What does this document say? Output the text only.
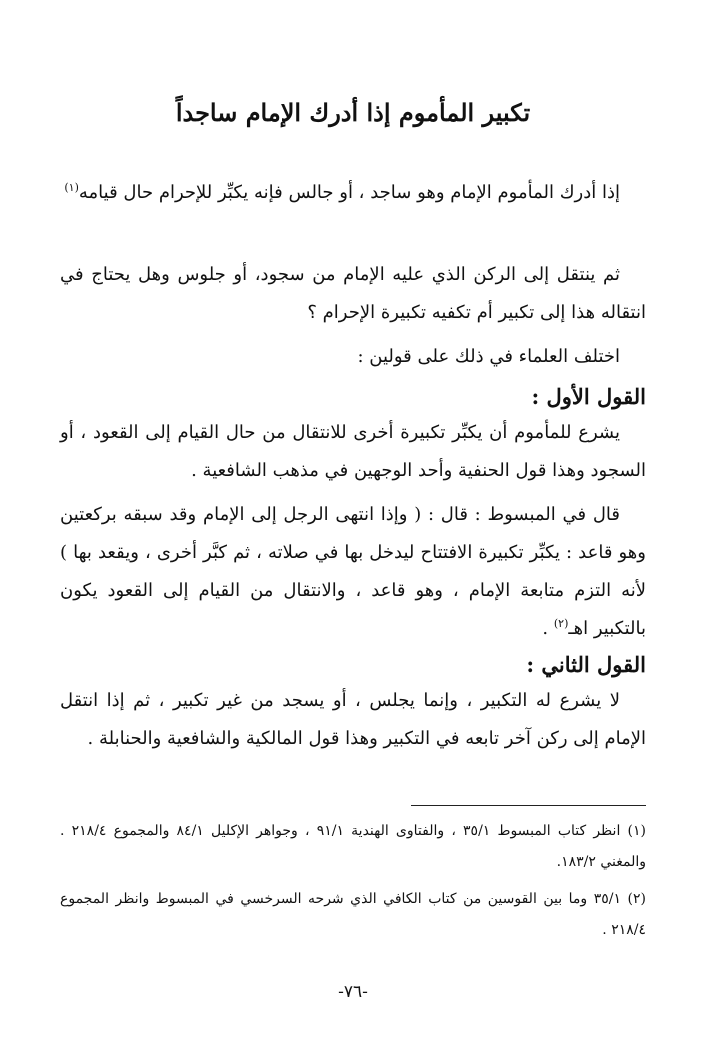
تكبير المأموم إذا أدرك الإمام ساجداً

إذا أدرك المأموم الإمام وهو ساجد ، أو جالس فإنه يكبِّر للإحرام حال قيامه$^{(١)}$

ثم ينتقل إلى الركن الذي عليه الإمام من سجود، أو جلوس وهل يحتاج في انتقاله هذا إلى تكبير أم تكفيه تكبيرة الإحرام ؟

اختلف العلماء في ذلك على قولين :

القول الأول :

يشرع للمأموم أن يكبِّر تكبيرة أخرى للانتقال من حال القيام إلى القعود ، أو السجود وهذا قول الحنفية وأحد الوجهين في مذهب الشافعية .

قال في المبسوط : قال : ( وإذا انتهى الرجل إلى الإمام وقد سبقه بركعتين وهو قاعد : يكبِّر تكبيرة الافتتاح ليدخل بها في صلاته ، ثم كبَّر أخرى ، ويقعد بها ) لأنه التزم متابعة الإمام ، وهو قاعد ، والانتقال من القيام إلى القعود يكون بالتكبير اهـ$^{(٢)}$ .

القول الثاني :

لا يشرع له التكبير ، وإنما يجلس ، أو يسجد من غير تكبير ، ثم إذا انتقل الإمام إلى ركن آخر تابعه في التكبير وهذا قول المالكية والشافعية والحنابلة .

(١) انظر كتاب المبسوط ٣٥/١ ، والفتاوى الهندية ٩١/١ ، وجواهر الإكليل ٨٤/١ والمجموع ٢١٨/٤ . والمغني ١٨٣/٢.

(٢) ٣٥/١ وما بين القوسين من كتاب الكافي الذي شرحه السرخسي في المبسوط وانظر المجموع ٢١٨/٤ .

-٧٦-
